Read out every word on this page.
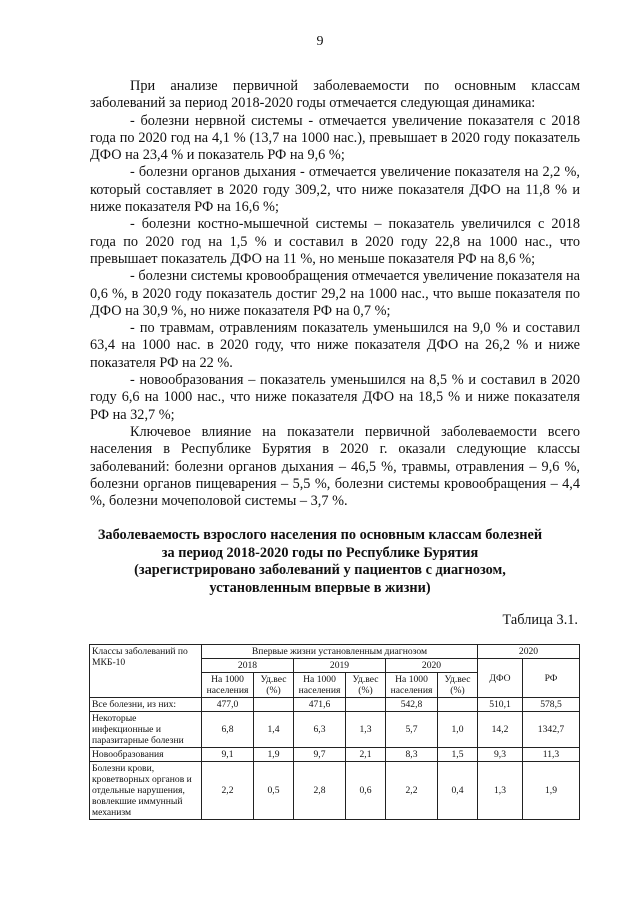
9

При анализе первичной заболеваемости по основным классам заболеваний за период 2018-2020 годы отмечается следующая динамика:

- болезни нервной системы - отмечается увеличение показателя с 2018 года по 2020 год на 4,1 % (13,7 на 1000 нас.), превышает в 2020 году показатель ДФО на 23,4 % и показатель РФ на 9,6 %;

- болезни органов дыхания - отмечается увеличение показателя на 2,2 %, который составляет в 2020 году 309,2, что ниже показателя ДФО на 11,8 % и ниже показателя РФ на 16,6 %;

- болезни костно-мышечной системы – показатель увеличился с 2018 года по 2020 год на 1,5 % и составил в 2020 году 22,8 на 1000 нас., что превышает показатель ДФО на 11 %, но меньше показателя РФ на 8,6 %;

- болезни системы кровообращения отмечается увеличение показателя на 0,6 %, в 2020 году показатель достиг 29,2 на 1000 нас., что выше показателя по ДФО на 30,9 %, но ниже показателя РФ на 0,7 %;

- по травмам, отравлениям показатель уменьшился на 9,0 % и составил 63,4 на 1000 нас. в 2020 году, что ниже показателя ДФО на 26,2 % и ниже показателя РФ на 22 %.

- новообразования – показатель уменьшился на 8,5 % и составил в 2020 году 6,6 на 1000 нас., что ниже показателя ДФО на 18,5 % и ниже показателя РФ на 32,7 %;

Ключевое влияние на показатели первичной заболеваемости всего населения в Республике Бурятия в 2020 г. оказали следующие классы заболеваний: болезни органов дыхания – 46,5 %, травмы, отравления – 9,6 %, болезни органов пищеварения – 5,5 %, болезни системы кровообращения – 4,4 %, болезни мочеполовой системы – 3,7 %.

Заболеваемость взрослого населения по основным классам болезней
за период 2018-2020 годы по Республике Бурятия
(зарегистрировано заболеваний у пациентов с диагнозом,
установленным впервые в жизни)
Таблица 3.1.
Классы заболеваний по МКБ-10	Впервые жизни установленным диагнозом						2020	
	2018		2019		2020		ДФО	РФ
	На 1000 населения	Уд.вес (%)	На 1000 населения	Уд.вес (%)	На 1000 населения	Уд.вес (%)		
Все болезни, из них:	477,0		471,6		542,8		510,1	578,5
Некоторые инфекционные и паразитарные болезни	6,8	1,4	6,3	1,3	5,7	1,0	14,2	1342,7
Новообразования	9,1	1,9	9,7	2,1	8,3	1,5	9,3	11,3
Болезни крови, кроветворных органов и отдельные нарушения, вовлекшие иммунный механизм	2,2	0,5	2,8	0,6	2,2	0,4	1,3	1,9
